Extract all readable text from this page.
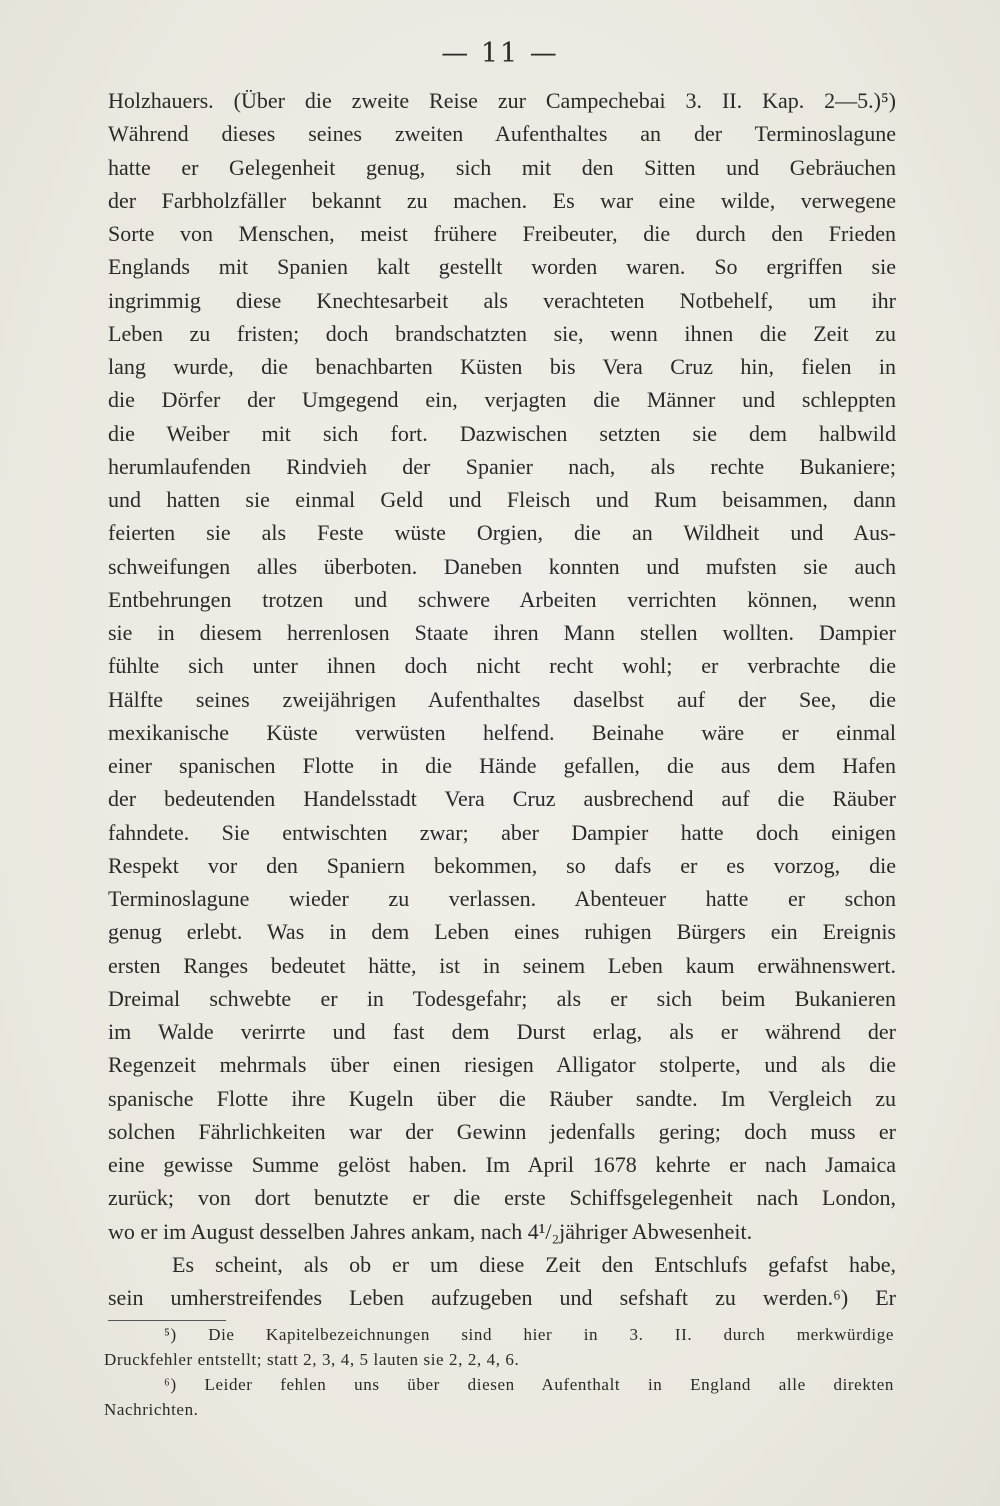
— 11 —
Holzhauers. (Über die zweite Reise zur Campechebai 3. II. Kap. 2—5.)⁵)
Während dieses seines zweiten Aufenthaltes an der Terminoslagune
hatte er Gelegenheit genug, sich mit den Sitten und Gebräuchen
der Farbholzfäller bekannt zu machen. Es war eine wilde, verwegene
Sorte von Menschen, meist frühere Freibeuter, die durch den Frieden
Englands mit Spanien kalt gestellt worden waren. So ergriffen sie
ingrimmig diese Knechtesarbeit als verachteten Notbehelf, um ihr
Leben zu fristen; doch brandschatzten sie, wenn ihnen die Zeit zu
lang wurde, die benachbarten Küsten bis Vera Cruz hin, fielen in
die Dörfer der Umgegend ein, verjagten die Männer und schleppten
die Weiber mit sich fort. Dazwischen setzten sie dem halbwild
herumlaufenden Rindvieh der Spanier nach, als rechte Bukaniere;
und hatten sie einmal Geld und Fleisch und Rum beisammen, dann
feierten sie als Feste wüste Orgien, die an Wildheit und Aus-
schweifungen alles überboten. Daneben konnten und mufsten sie auch
Entbehrungen trotzen und schwere Arbeiten verrichten können, wenn
sie in diesem herrenlosen Staate ihren Mann stellen wollten. Dampier
fühlte sich unter ihnen doch nicht recht wohl; er verbrachte die
Hälfte seines zweijährigen Aufenthaltes daselbst auf der See, die
mexikanische Küste verwüsten helfend. Beinahe wäre er einmal
einer spanischen Flotte in die Hände gefallen, die aus dem Hafen
der bedeutenden Handelsstadt Vera Cruz ausbrechend auf die Räuber
fahndete. Sie entwischten zwar; aber Dampier hatte doch einigen
Respekt vor den Spaniern bekommen, so dafs er es vorzog, die
Terminoslagune wieder zu verlassen. Abenteuer hatte er schon
genug erlebt. Was in dem Leben eines ruhigen Bürgers ein Ereignis
ersten Ranges bedeutet hätte, ist in seinem Leben kaum erwähnenswert.
Dreimal schwebte er in Todesgefahr; als er sich beim Bukanieren
im Walde verirrte und fast dem Durst erlag, als er während der
Regenzeit mehrmals über einen riesigen Alligator stolperte, und als die
spanische Flotte ihre Kugeln über die Räuber sandte. Im Vergleich zu
solchen Fährlichkeiten war der Gewinn jedenfalls gering; doch muss er
eine gewisse Summe gelöst haben. Im April 1678 kehrte er nach Jamaica
zurück; von dort benutzte er die erste Schiffsgelegenheit nach London,
wo er im August desselben Jahres ankam, nach 4¹/₂jähriger Abwesenheit.
Es scheint, als ob er um diese Zeit den Entschlufs gefafst habe,
sein umherstreifendes Leben aufzugeben und sefshaft zu werden.⁶) Er
⁵) Die Kapitelbezeichnungen sind hier in 3. II. durch merkwürdige
Druckfehler entstellt; statt 2, 3, 4, 5 lauten sie 2, 2, 4, 6.
⁶) Leider fehlen uns über diesen Aufenthalt in England alle direkten
Nachrichten.
